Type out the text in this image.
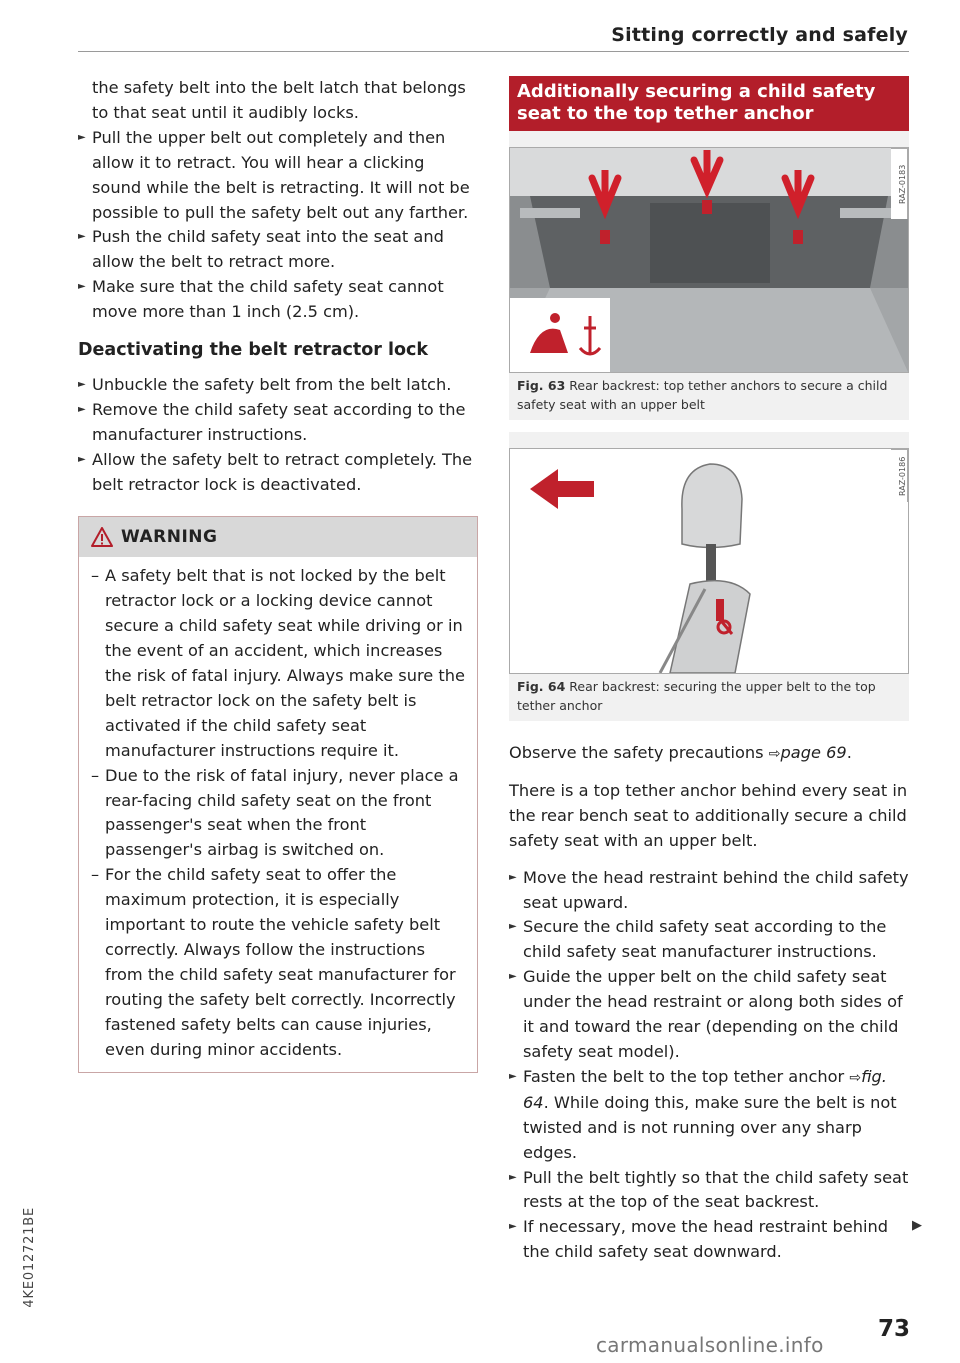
Sitting correctly and safely

the safety belt into the belt latch that belongs to that seat until it audibly locks.

► Pull the upper belt out completely and then allow it to retract. You will hear a clicking sound while the belt is retracting. It will not be possible to pull the safety belt out any farther.
► Push the child safety seat into the seat and allow the belt to retract more.
► Make sure that the child safety seat cannot move more than 1 inch (2.5 cm).
Deactivating the belt retractor lock
► Unbuckle the safety belt from the belt latch.
► Remove the child safety seat according to the manufacturer instructions.
► Allow the safety belt to retract completely. The belt retractor lock is deactivated.
WARNING
– A safety belt that is not locked by the belt retractor lock or a locking device cannot secure a child safety seat while driving or in the event of an accident, which increases the risk of fatal injury. Always make sure the belt retractor lock on the safety belt is activated if the child safety seat manufacturer instructions require it.
– Due to the risk of fatal injury, never place a rear-facing child safety seat on the front passenger's seat when the front passenger's airbag is switched on.
– For the child safety seat to offer the maximum protection, it is especially important to route the vehicle safety belt correctly. Always follow the instructions from the child safety seat manufacturer for routing the safety belt correctly. Incorrectly fastened safety belts can cause injuries, even during minor accidents.
Additionally securing a child safety seat to the top tether anchor
RAZ-0183
Fig. 63 Rear backrest: top tether anchors to secure a child safety seat with an upper belt
RAZ-0186
Fig. 64 Rear backrest: securing the upper belt to the top tether anchor

Observe the safety precautions ⇨page 69.

There is a top tether anchor behind every seat in the rear bench seat to additionally secure a child safety seat with an upper belt.

► Move the head restraint behind the child safety seat upward.
► Secure the child safety seat according to the child safety seat manufacturer instructions.
► Guide the upper belt on the child safety seat under the head restraint or along both sides of it and toward the rear (depending on the child safety seat model).
► Fasten the belt to the top tether anchor ⇨fig. 64. While doing this, make sure the belt is not twisted and is not running over any sharp edges.
► Pull the belt tightly so that the child safety seat rests at the top of the seat backrest.
► If necessary, move the head restraint behind the child safety seat downward.
▶
73
4KE012721BE
carmanualsonline.info
